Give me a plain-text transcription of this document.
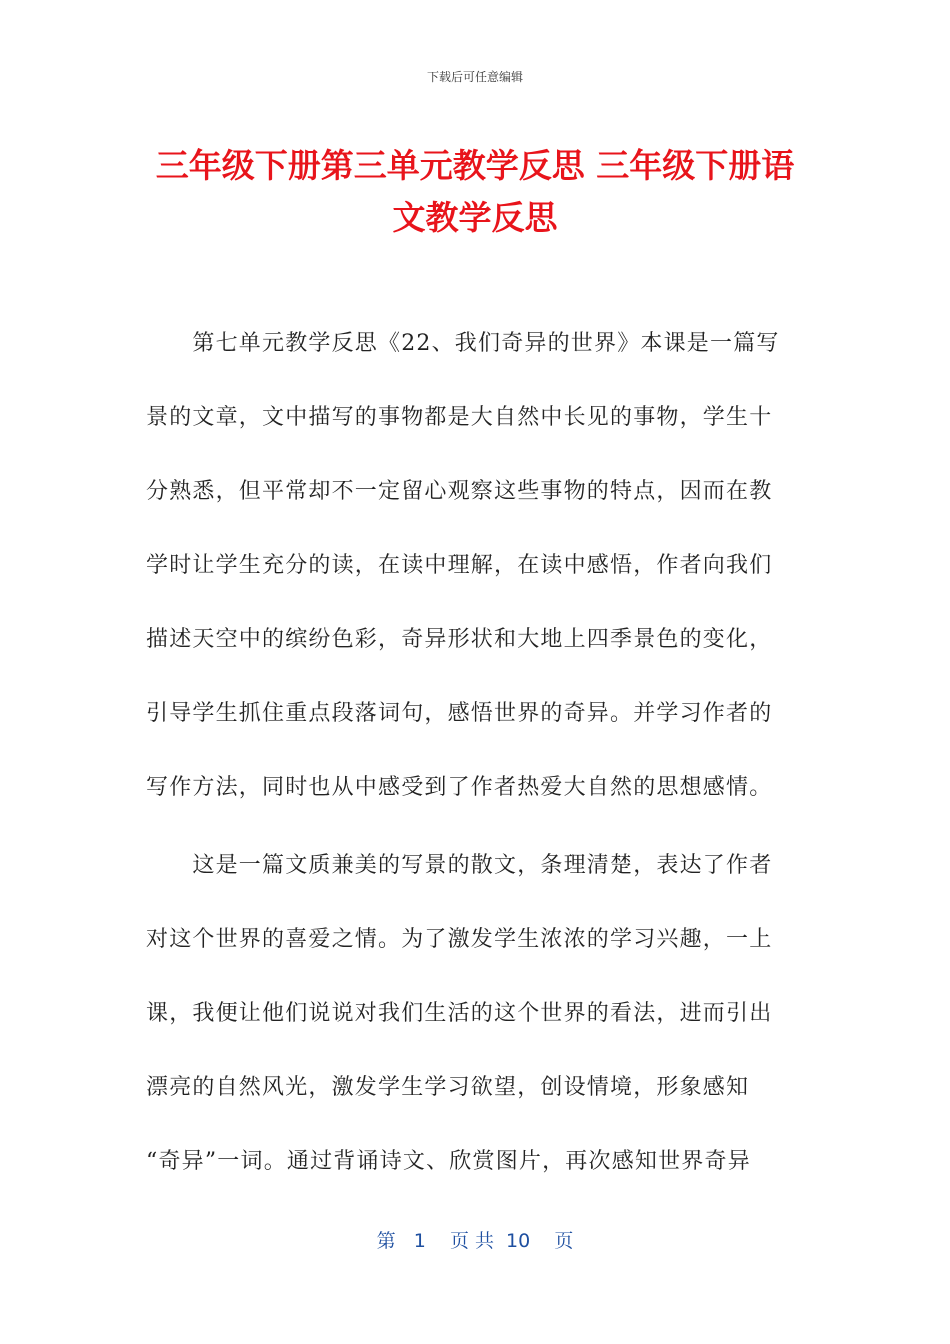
下载后可任意编辑
三年级下册第三单元教学反思 三年级下册语
文教学反思

　　第七单元教学反思《22、我们奇异的世界》本课是一篇写
景的文章，文中描写的事物都是大自然中长见的事物，学生十
分熟悉，但平常却不一定留心观察这些事物的特点，因而在教
学时让学生充分的读，在读中理解，在读中感悟，作者向我们
描述天空中的缤纷色彩，奇异形状和大地上四季景色的变化，
引导学生抓住重点段落词句，感悟世界的奇异。并学习作者的
写作方法，同时也从中感受到了作者热爱大自然的思想感情。

　　这是一篇文质兼美的写景的散文，条理清楚，表达了作者
对这个世界的喜爱之情。为了激发学生浓浓的学习兴趣，一上
课，我便让他们说说对我们生活的这个世界的看法，进而引出
漂亮的自然风光，激发学生学习欲望，创设情境，形象感知
“奇异”一词。通过背诵诗文、欣赏图片，再次感知世界奇异

第   1    页 共  10    页
